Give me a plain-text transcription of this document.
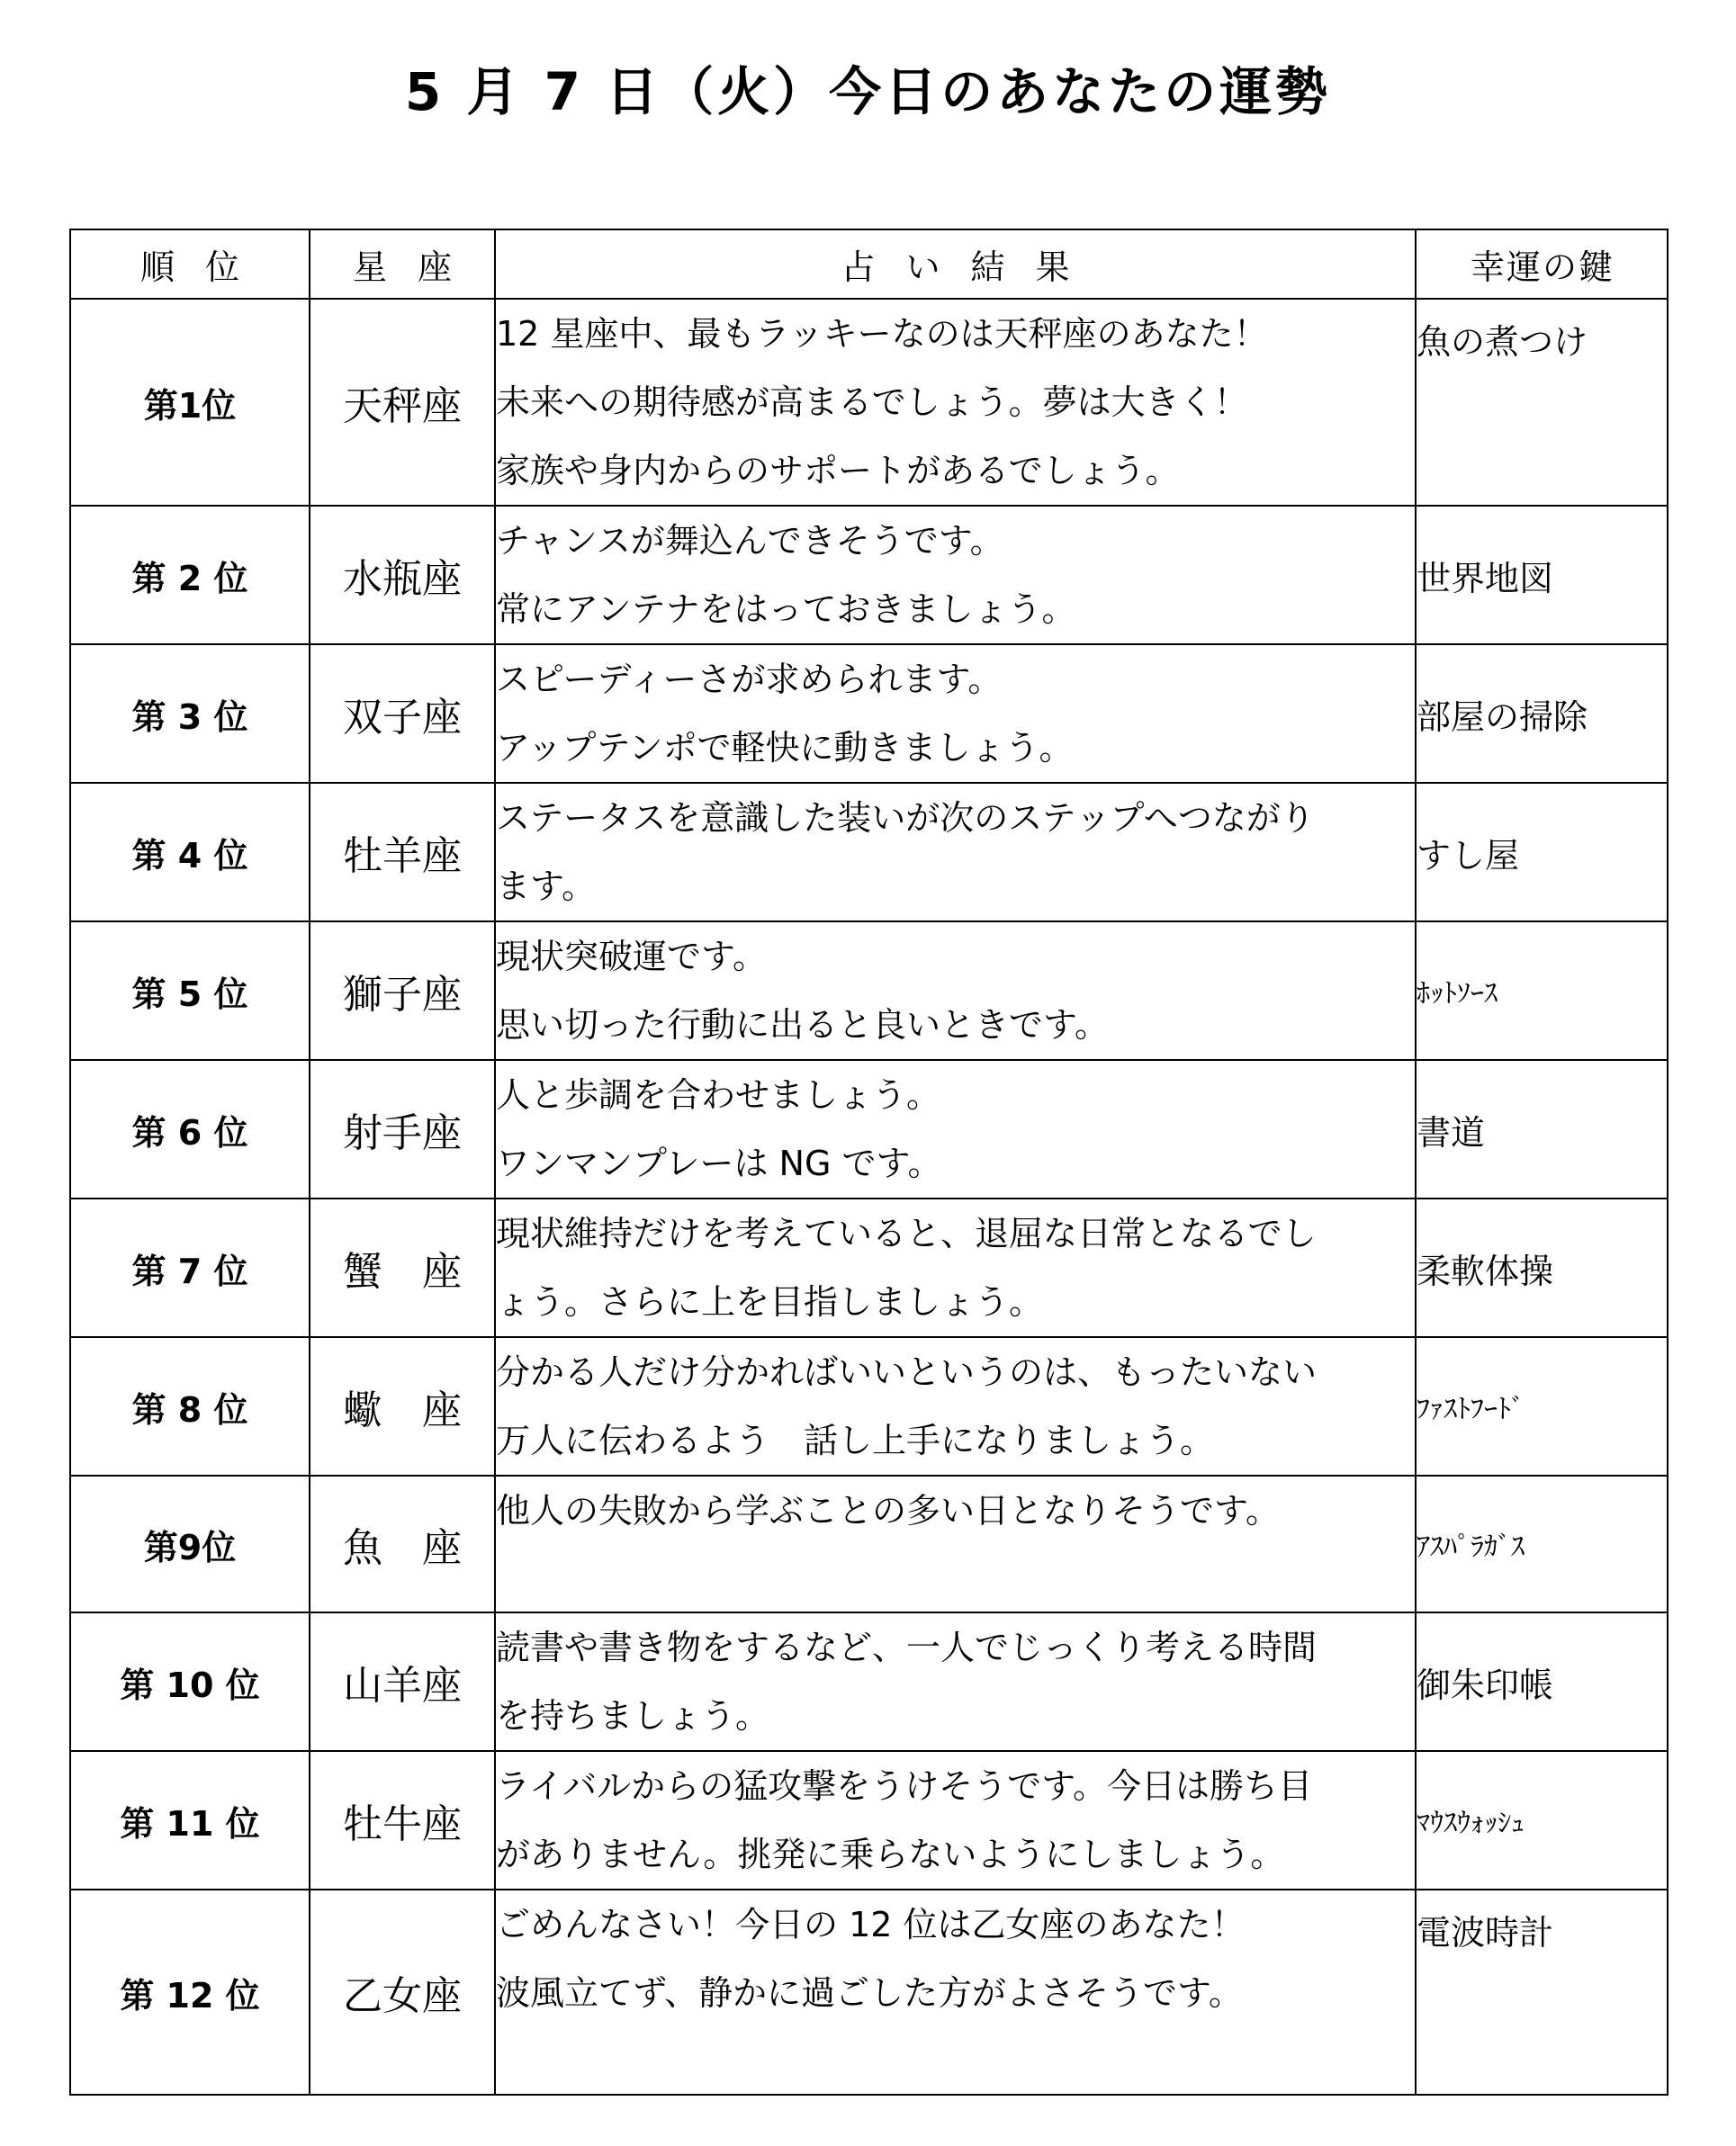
5 月 7 日（火）今日のあなたの運勢
順位	星座	占い結果	幸運の鍵
第1位	天秤座	12 星座中、最もラッキーなのは天秤座のあなた！
未来への期待感が高まるでしょう。夢は大きく！
家族や身内からのサポートがあるでしょう。	魚の煮つけ
第 2 位	水瓶座	チャンスが舞込んできそうです。
常にアンテナをはっておきましょう。	世界地図
第 3 位	双子座	スピーディーさが求められます。
アップテンポで軽快に動きましょう。	部屋の掃除
第 4 位	牡羊座	ステータスを意識した装いが次のステップへつながり
ます。	すし屋
第 5 位	獅子座	現状突破運です。
思い切った行動に出ると良いときです。	ﾎｯﾄｿｰｽ
第 6 位	射手座	人と歩調を合わせましょう。
ワンマンプレーは NG です。	書道
第 7 位	蟹　座	現状維持だけを考えていると、退屈な日常となるでし
ょう。さらに上を目指しましょう。	柔軟体操
第 8 位	蠍　座	分かる人だけ分かればいいというのは、もったいない
万人に伝わるよう　話し上手になりましょう。	ﾌｧｽﾄﾌｰﾄﾞ
第9位	魚　座	他人の失敗から学ぶことの多い日となりそうです。	ｱｽﾊﾟﾗｶﾞｽ
第 10 位	山羊座	読書や書き物をするなど、一人でじっくり考える時間
を持ちましょう。	御朱印帳
第 11 位	牡牛座	ライバルからの猛攻撃をうけそうです。今日は勝ち目
がありません。挑発に乗らないようにしましょう。	ﾏｳｽｳｫｯｼｭ
第 12 位	乙女座	ごめんなさい！今日の 12 位は乙女座のあなた！
波風立てず、静かに過ごした方がよさそうです。	電波時計
